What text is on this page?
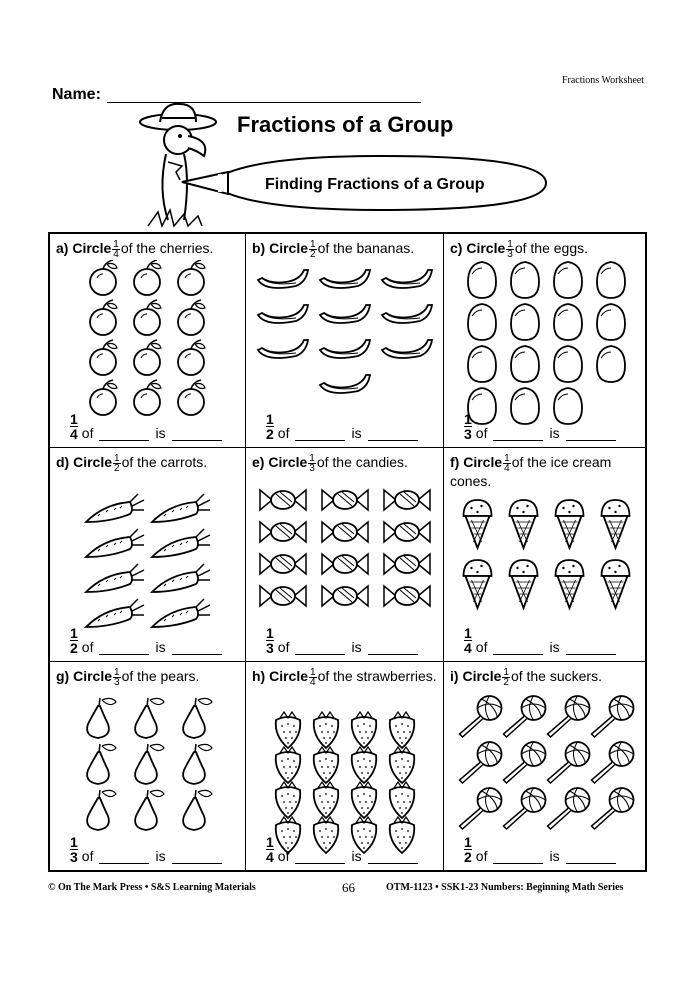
Fractions Worksheet
Name:
Fractions of a Group
Finding Fractions of a Group
a) Circle $\frac{1}{4}$ of the cherries.
1
4 of	is
b) Circle $\frac{1}{2}$ of the bananas.
1
2 of	is
c) Circle $\frac{1}{3}$ of the eggs.
1
3 of	is
d) Circle $\frac{1}{2}$ of the carrots.
1
2 of	is
e) Circle $\frac{1}{3}$ of the candies.
1
3 of	is
f) Circle $\frac{1}{4}$ of the ice cream cones.
1
4 of	is
g) Circle $\frac{1}{3}$ of the pears.
1
3 of	is
h) Circle $\frac{1}{4}$ of the strawberries.
1
4 of	is
i) Circle $\frac{1}{2}$ of the suckers.
1
2 of	is
© On The Mark Press • S&S Learning Materials	66	OTM-1123 • SSK1-23 Numbers: Beginning Math Series
